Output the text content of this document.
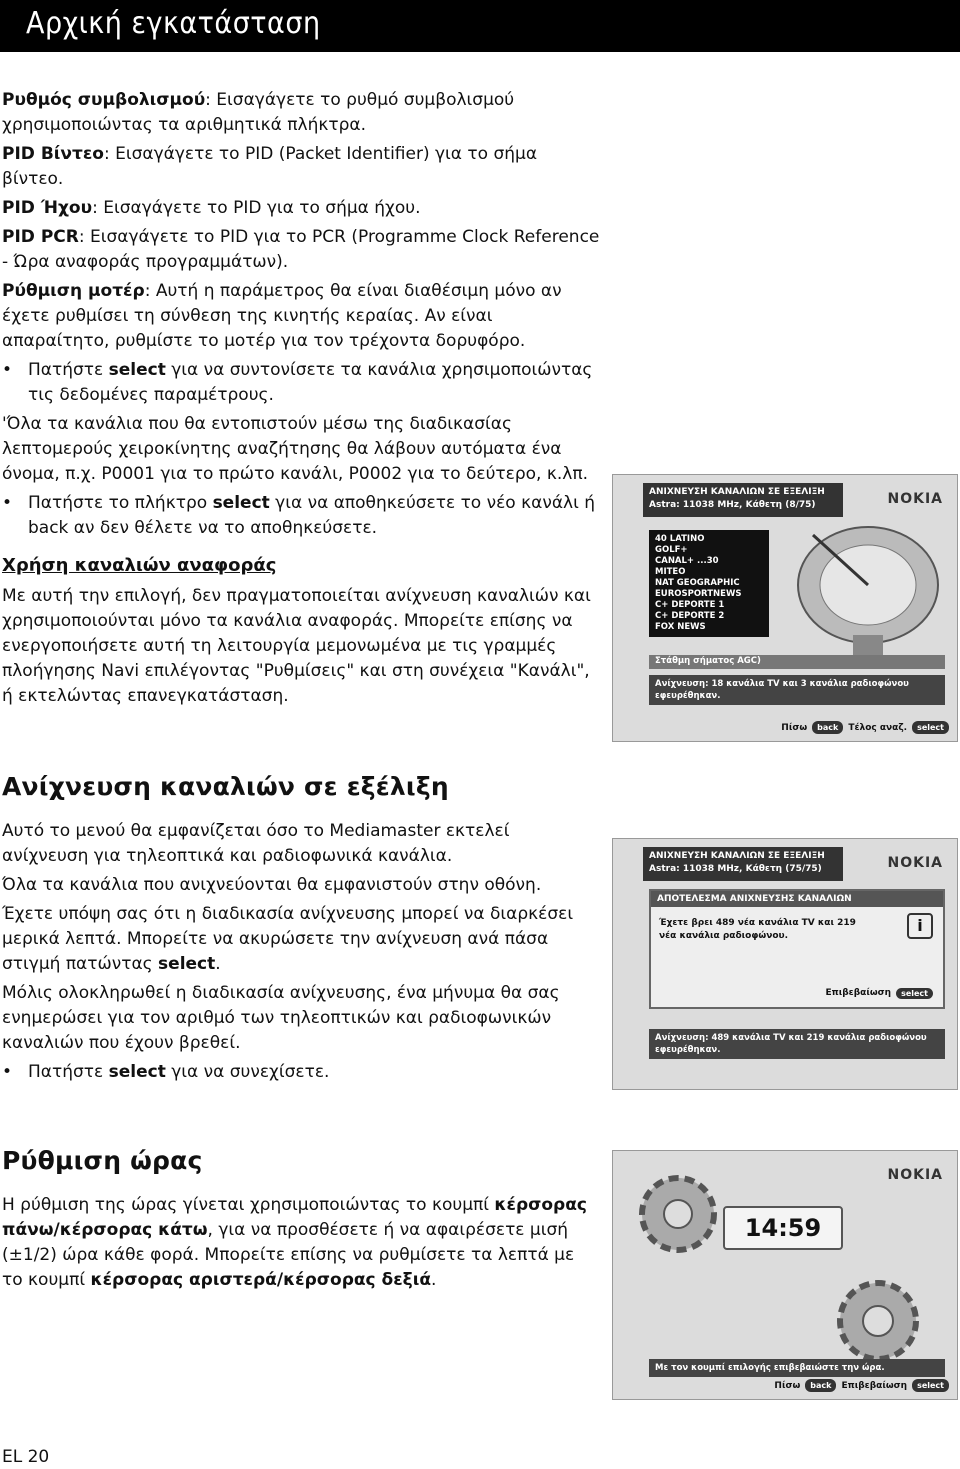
Αρχική εγκατάσταση

Ρυθμός συμβολισμού: Εισαγάγετε το ρυθμό συμβολισμού χρησιμοποιώντας τα αριθμητικά πλήκτρα.

PID Βίντεο: Εισαγάγετε το PID (Packet Identifier) για το σήμα βίντεο.

PID Ήχου: Εισαγάγετε το PID για το σήμα ήχου.

PID PCR: Εισαγάγετε το PID για το PCR (Programme Clock Reference - Ώρα αναφοράς προγραμμάτων).

Ρύθμιση μοτέρ: Αυτή η παράμετρος θα είναι διαθέσιμη μόνο αν έχετε ρυθμίσει τη σύνθεση της κινητής κεραίας. Αν είναι απαραίτητο, ρυθμίστε το μοτέρ για τον τρέχοντα δορυφόρο.

• Πατήστε select για να συντονίσετε τα κανάλια χρησιμοποιώντας τις δεδομένες παραμέτρους.

'Όλα τα κανάλια που θα εντοπιστούν μέσω της διαδικασίας λεπτομερούς χειροκίνητης αναζήτησης θα λάβουν αυτόματα ένα όνομα, π.χ. P0001 για το πρώτο κανάλι, P0002 για το δεύτερο, κ.λπ.

• Πατήστε το πλήκτρο select για να αποθηκεύσετε το νέο κανάλι ή back αν δεν θέλετε να το αποθηκεύσετε.
Χρήση καναλιών αναφοράς

Με αυτή την επιλογή, δεν πραγματοποιείται ανίχνευση καναλιών και χρησιμοποιούνται μόνο τα κανάλια αναφοράς. Μπορείτε επίσης να ενεργοποιήσετε αυτή τη λειτουργία μεμονωμένα με τις γραμμές πλοήγησης Navi επιλέγοντας "Ρυθμίσεις" και στη συνέχεια "Κανάλι", ή εκτελώντας επανεγκατάσταση.

Ανίχνευση καναλιών σε εξέλιξη

Αυτό το μενού θα εμφανίζεται όσο το Mediamaster εκτελεί ανίχνευση για τηλεοπτικά και ραδιοφωνικά κανάλια.

Όλα τα κανάλια που ανιχνεύονται θα εμφανιστούν στην οθόνη.

Έχετε υπόψη σας ότι η διαδικασία ανίχνευσης μπορεί να διαρκέσει μερικά λεπτά. Μπορείτε να ακυρώσετε την ανίχνευση ανά πάσα στιγμή πατώντας select.

Μόλις ολοκληρωθεί η διαδικασία ανίχνευσης, ένα μήνυμα θα σας ενημερώσει για τον αριθμό των τηλεοπτικών και ραδιοφωνικών καναλιών που έχουν βρεθεί.

• Πατήστε select για να συνεχίσετε.
Ρύθμιση ώρας

Η ρύθμιση της ώρας γίνεται χρησιμοποιώντας το κουμπί κέρσορας πάνω/κέρσορας κάτω, για να προσθέσετε ή να αφαιρέσετε μισή (±1/2) ώρα κάθε φορά. Μπορείτε επίσης να ρυθμίσετε τα λεπτά με το κουμπί κέρσορας αριστερά/κέρσορας δεξιά.

EL 20
ΑΝΙΧΝΕΥΣΗ ΚΑΝΑΛΙΩΝ ΣΕ ΕΞΕΛΙΞΗ
Astra: 11038 MHz, Κάθετη (8/75)	NOKIA
40 LATINO
GOLF+
CANAL+ ...30
MITEO
NAT GEOGRAPHIC
EUROSPORTNEWS
C+ DEPORTE 1
C+ DEPORTE 2
FOX NEWS
Στάθμη σήματος AGC)
Ανίχνευση: 18 κανάλια TV και 3 κανάλια ραδιοφώνου εφευρέθηκαν.
Πίσω	back	Τέλος αναζ.	select
ΑΝΙΧΝΕΥΣΗ ΚΑΝΑΛΙΩΝ ΣΕ ΕΞΕΛΙΞΗ
Astra: 11038 MHz, Κάθετη (75/75)	NOKIA
ΑΠΟΤΕΛΕΣΜΑ ΑΝΙΧΝΕΥΣΗΣ ΚΑΝΑΛΙΩΝ
Έχετε βρει 489 νέα κανάλια TV και 219 νέα κανάλια ραδιοφώνου.
i
Επιβεβαίωση	select
Ανίχνευση: 489 κανάλια TV και 219 κανάλια ραδιοφώνου εφευρέθηκαν.
NOKIA
14:59
Με τον κουμπί επιλογής επιβεβαιώστε την ώρα.
Πίσω	back	Επιβεβαίωση	select
